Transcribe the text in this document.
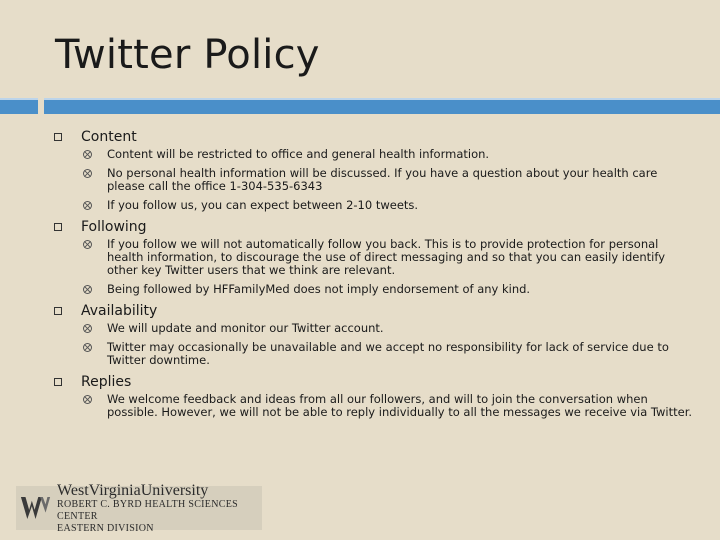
Twitter Policy
Content
Content will be restricted to office and general health information.
No personal health information will be discussed. If you have a question about your health care please call the office 1-304-535-6343
If you follow us, you can expect between 2-10 tweets.
Following
If you follow we will not automatically follow you back. This is to provide protection for personal health information, to discourage the use of direct messaging and so that you can easily identify other key Twitter users that we think are relevant.
Being followed by HFFamilyMed does not imply endorsement of any kind.
Availability
We will update and monitor our Twitter account.
Twitter may occasionally be unavailable and we accept no responsibility for lack of service due to Twitter downtime.
Replies
We welcome feedback and ideas from all our followers, and will to join the conversation when possible. However, we will not be able to reply individually to all the messages we receive via Twitter.
WestVirginiaUniversity
ROBERT C. BYRD HEALTH SCIENCES CENTER
EASTERN DIVISION
